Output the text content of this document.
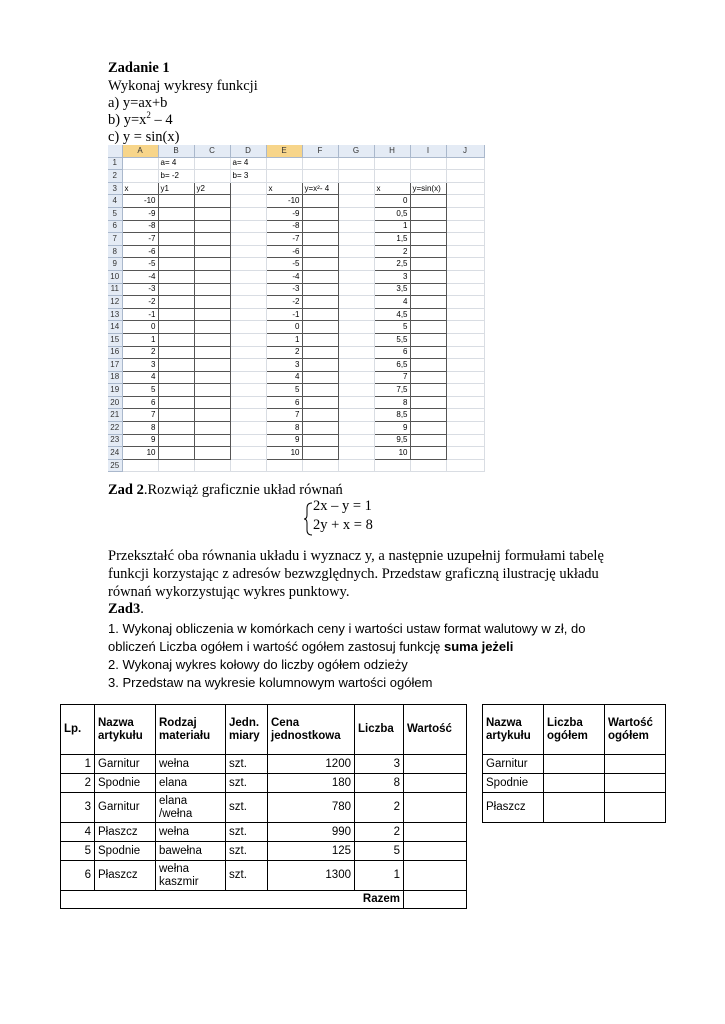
Zadanie 1
Wykonaj wykresy funkcji
a) y=ax+b
b) $y=x^2 - 4$
c) y = sin(x)
	A	B	C	D	E	F	G	H	I	J
1		a= 4		a= 4						
2		b= -2		b= 3						
3	x	y1	y2		x	y=x²- 4		x	y=sin(x)	
4	-10				-10			0		
5	-9				-9			0,5		
6	-8				-8			1		
7	-7				-7			1,5		
8	-6				-6			2		
9	-5				-5			2,5		
10	-4				-4			3		
11	-3				-3			3,5		
12	-2				-2			4		
13	-1				-1			4,5		
14	0				0			5		
15	1				1			5,5		
16	2				2			6		
17	3				3			6,5		
18	4				4			7		
19	5				5			7,5		
20	6				6			8		
21	7				7			8,5		
22	8				8			9		
23	9				9			9,5		
24	10				10			10		
25										
Zad 2.Rozwiąż graficznie układ równań
2x – y = 1
2y + x = 8
Przekształć oba równania układu i wyznacz y, a następnie uzupełnij formułami tabelę
funkcji korzystając z adresów bezwzględnych. Przedstaw graficzną ilustrację układu
równań wykorzystując wykres punktowy.
Zad3.
1. Wykonaj obliczenia w komórkach ceny i wartości ustaw format walutowy w zł, do
obliczeń Liczba ogółem i wartość ogółem zastosuj funkcję suma jeżeli
2. Wykonaj wykres kołowy do liczby ogółem odzieży
3. Przedstaw na wykresie kolumnowym wartości ogółem
Lp.	Nazwa artykułu	Rodzaj materiału	Jedn. miary	Cena jednostkowa	Liczba	Wartość
1	Garnitur	wełna	szt.	1200	3	
2	Spodnie	elana	szt.	180	8	
3	Garnitur	elana /wełna	szt.	780	2	
4	Płaszcz	wełna	szt.	990	2	
5	Spodnie	bawełna	szt.	125	5	
6	Płaszcz	wełna kaszmir	szt.	1300	1	
Razem						
Nazwa artykułu	Liczba ogółem	Wartość ogółem
Garnitur		
Spodnie		
Płaszcz		
